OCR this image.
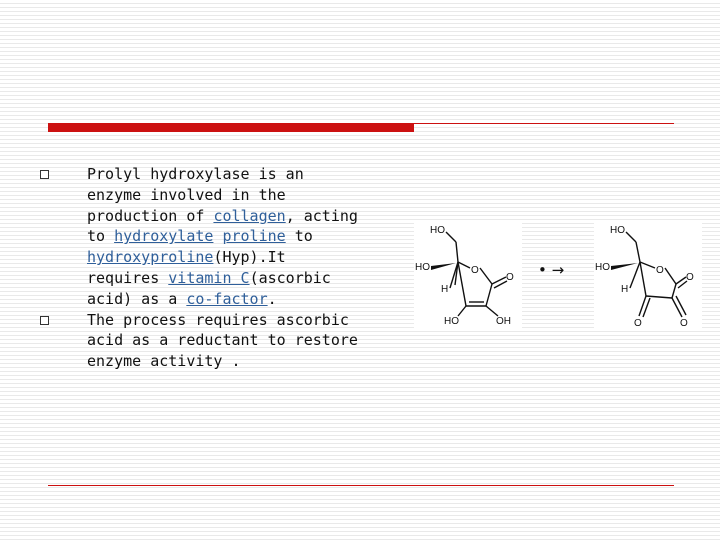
Prolyl hydroxylase is an enzyme involved in the production of collagen, acting to hydroxylate proline to hydroxyproline(Hyp).It requires vitamin C(ascorbic acid) as a co-factor.
The process requires ascorbic acid as a reductant to restore enzyme activity .
HO
HO
H
O
O
HO	OH
• →
HO
HO
H
O
O
O	O
